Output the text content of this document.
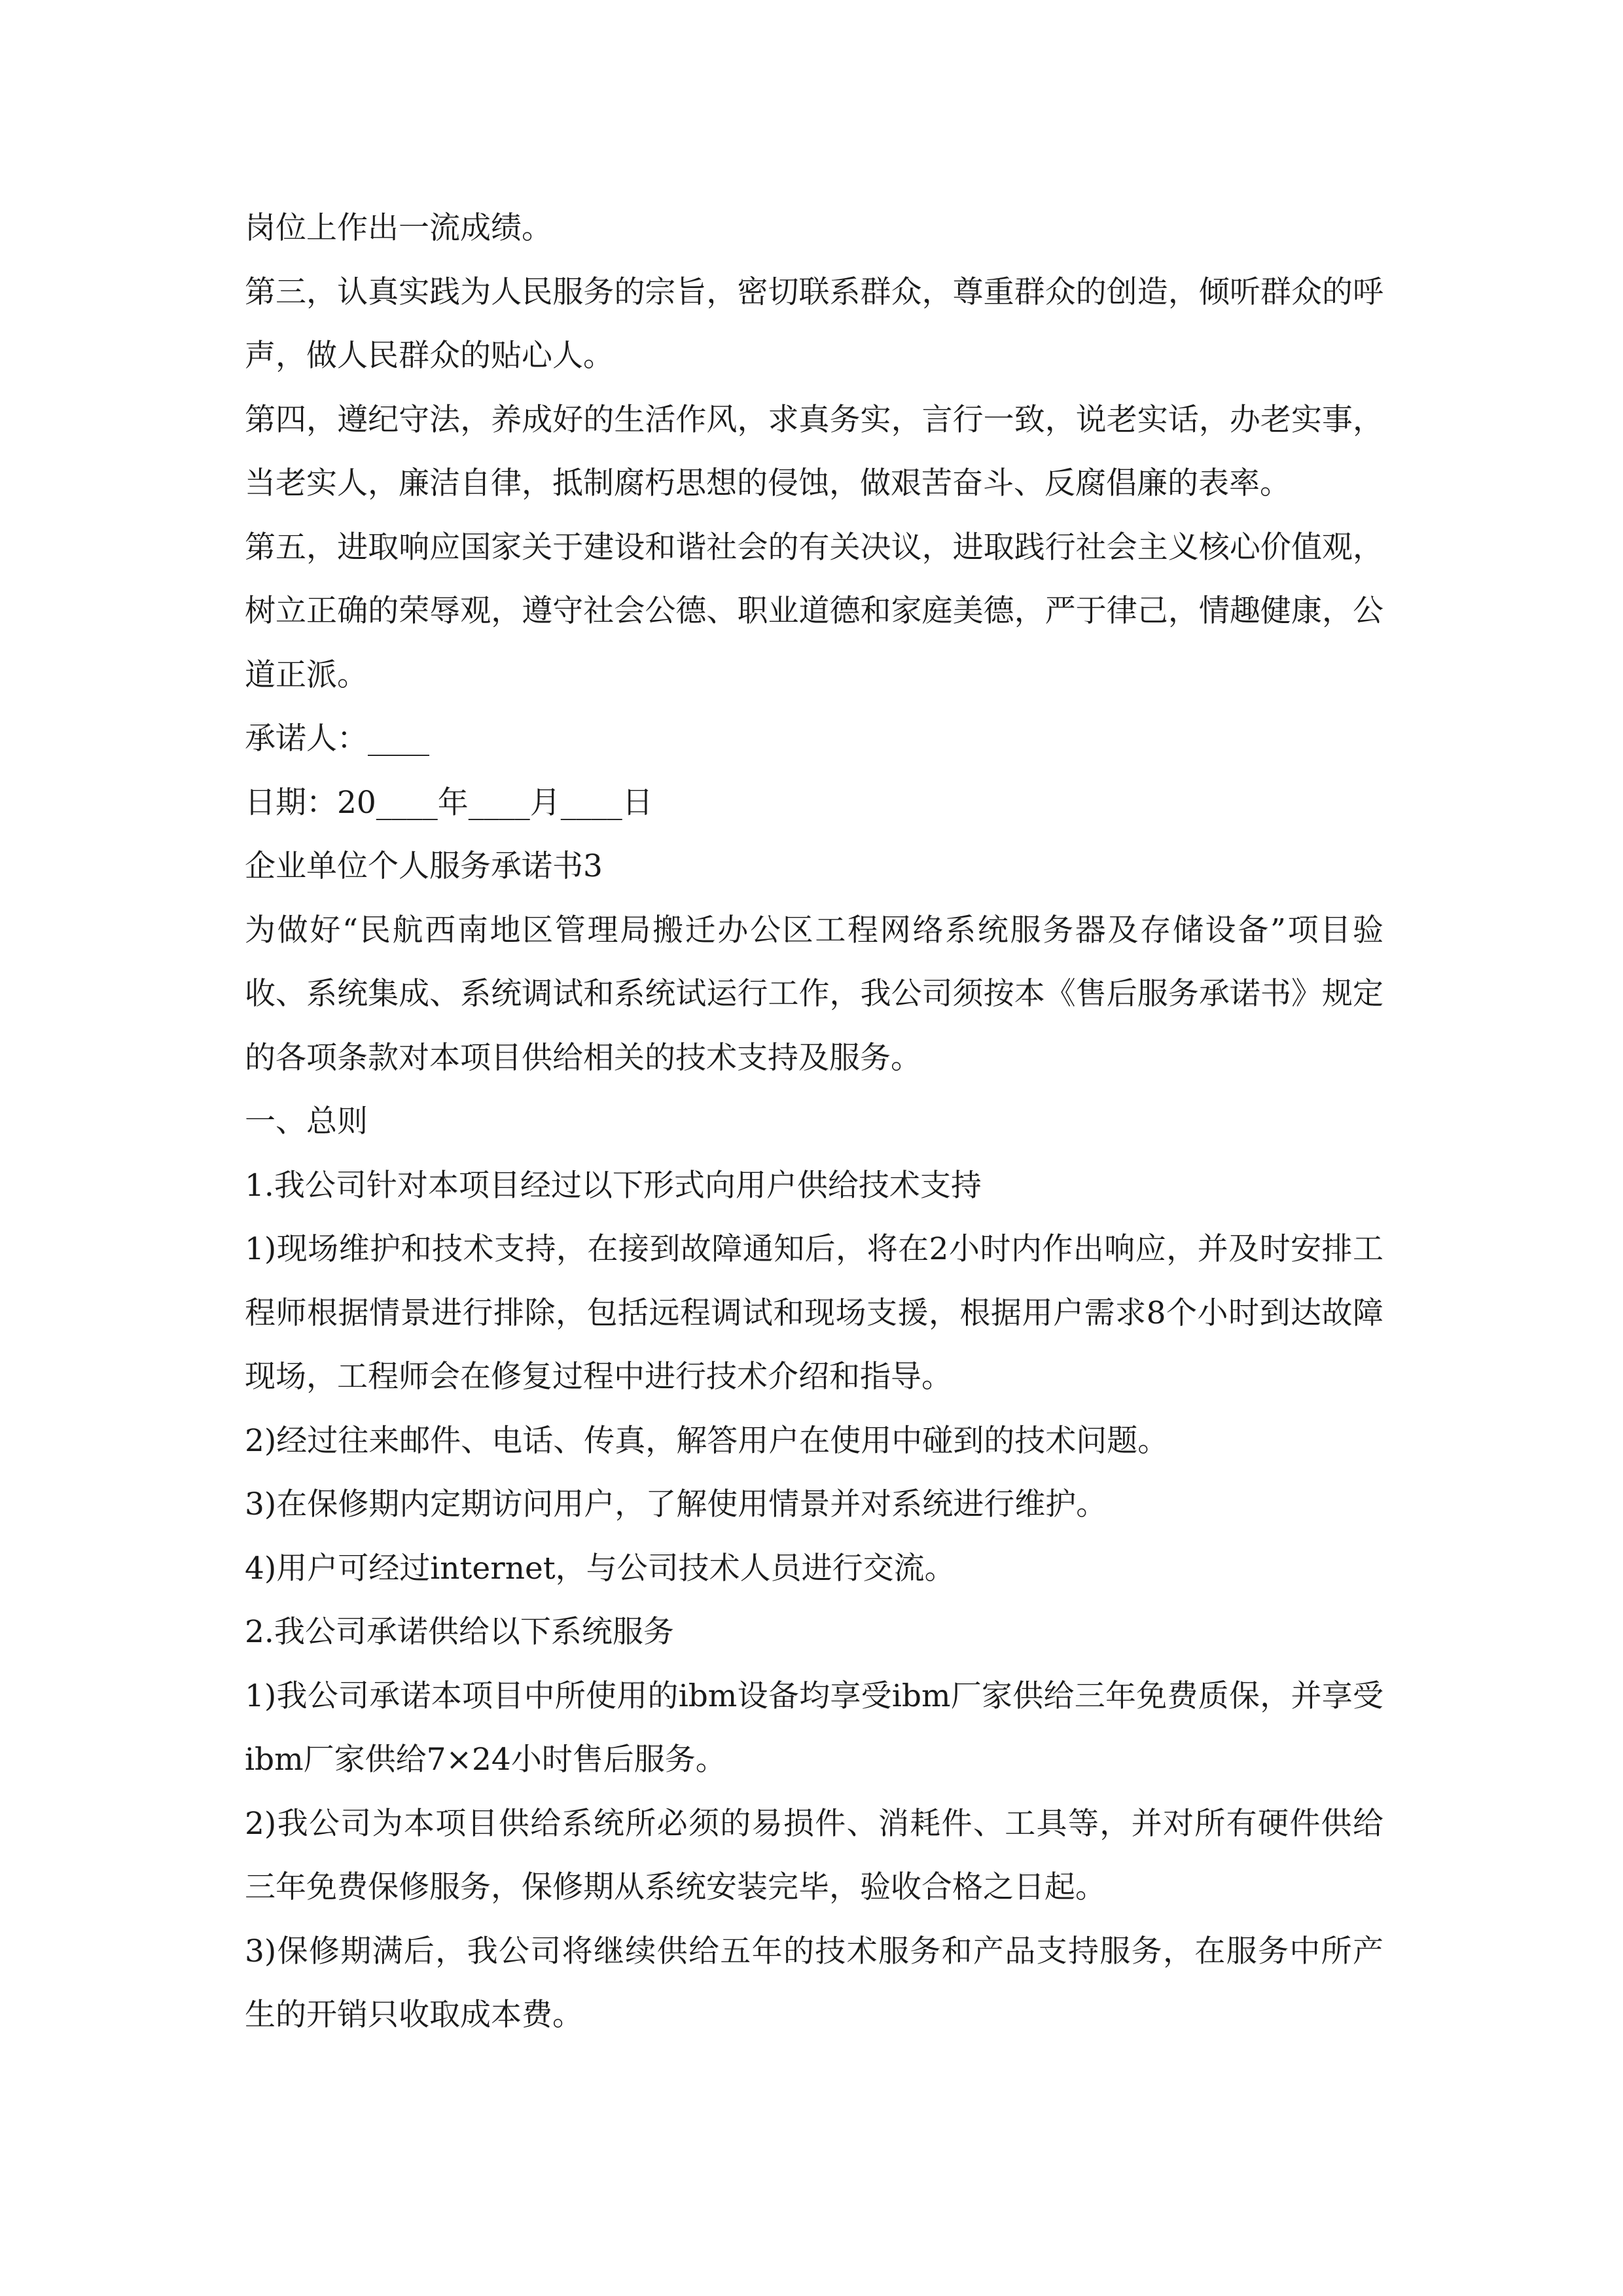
岗位上作出一流成绩。

第三，认真实践为人民服务的宗旨，密切联系群众，尊重群众的创造，倾听群众的呼声，做人民群众的贴心人。

第四，遵纪守法，养成好的生活作风，求真务实，言行一致，说老实话，办老实事，当老实人，廉洁自律，抵制腐朽思想的侵蚀，做艰苦奋斗、反腐倡廉的表率。

第五，进取响应国家关于建设和谐社会的有关决议，进取践行社会主义核心价值观，树立正确的荣辱观，遵守社会公德、职业道德和家庭美德，严于律己，情趣健康，公道正派。

承诺人：____

日期：20____年____月____日

企业单位个人服务承诺书3

为做好“民航西南地区管理局搬迁办公区工程网络系统服务器及存储设备”项目验收、系统集成、系统调试和系统试运行工作，我公司须按本《售后服务承诺书》规定的各项条款对本项目供给相关的技术支持及服务。

一、总则

1.我公司针对本项目经过以下形式向用户供给技术支持

1)现场维护和技术支持，在接到故障通知后，将在2小时内作出响应，并及时安排工程师根据情景进行排除，包括远程调试和现场支援，根据用户需求8个小时到达故障现场，工程师会在修复过程中进行技术介绍和指导。

2)经过往来邮件、电话、传真，解答用户在使用中碰到的技术问题。

3)在保修期内定期访问用户，了解使用情景并对系统进行维护。

4)用户可经过internet，与公司技术人员进行交流。

2.我公司承诺供给以下系统服务

1)我公司承诺本项目中所使用的ibm设备均享受ibm厂家供给三年免费质保，并享受ibm厂家供给7×24小时售后服务。

2)我公司为本项目供给系统所必须的易损件、消耗件、工具等，并对所有硬件供给三年免费保修服务，保修期从系统安装完毕，验收合格之日起。

3)保修期满后，我公司将继续供给五年的技术服务和产品支持服务，在服务中所产生的开销只收取成本费。
